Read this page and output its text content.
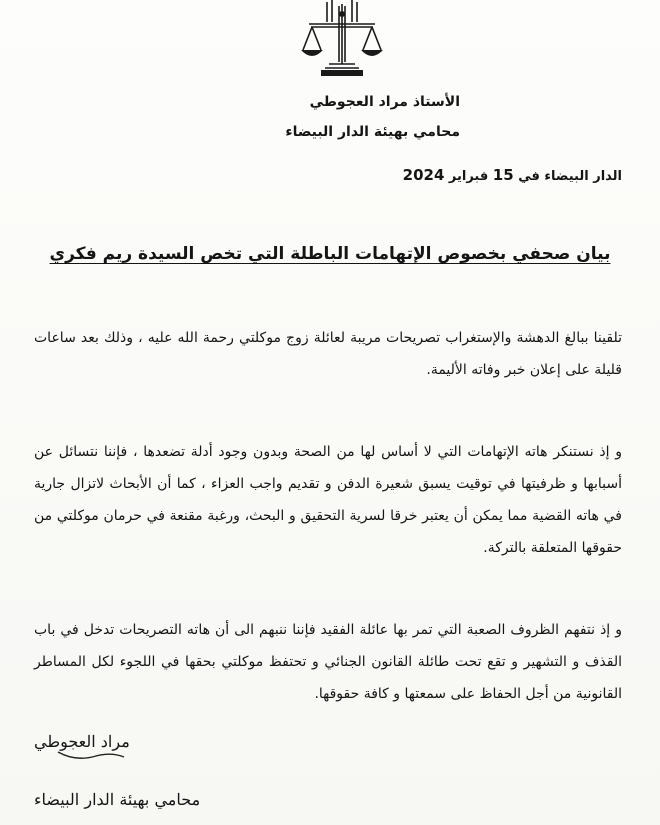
الأستاذ مراد العجوطي
محامي بهيئة الدار البيضاء
الدار البيضاء في 15 فبراير 2024
بيان صحفي بخصوص الإتهامات الباطلة التي تخص السيدة ريم فكري
تلقينا ببالغ الدهشة والإستغراب تصريحات مريبة لعائلة زوج موكلتي رحمة الله عليه ، وذلك بعد ساعات قليلة على إعلان خبر وفاته الأليمة.
و إذ نستنكر هاته الإتهامات التي لا أساس لها من الصحة وبدون وجود أدلة تضعدها ، فإننا نتسائل عن أسبابها و ظرفيتها في توقيت يسبق شعيرة الدفن و تقديم واجب العزاء ، كما أن الأبحاث لاتزال جارية في هاته القضية مما يمكن أن يعتبر خرقا لسرية التحقيق و البحث، ورغبة مقنعة في حرمان موكلتي من حقوقها المتعلقة بالتركة.
و إذ نتفهم الظروف الصعبة التي تمر بها عائلة الفقيد فإننا ننبهم الى أن هاته التصريحات تدخل في باب القذف و التشهير و تقع تحت طائلة القانون الجنائي و تحتفظ موكلتي بحقها في اللجوء لكل المساطر القانونية من أجل الحفاظ على سمعتها و كافة حقوقها.
مراد العجوطي
محامي بهيئة الدار البيضاء
